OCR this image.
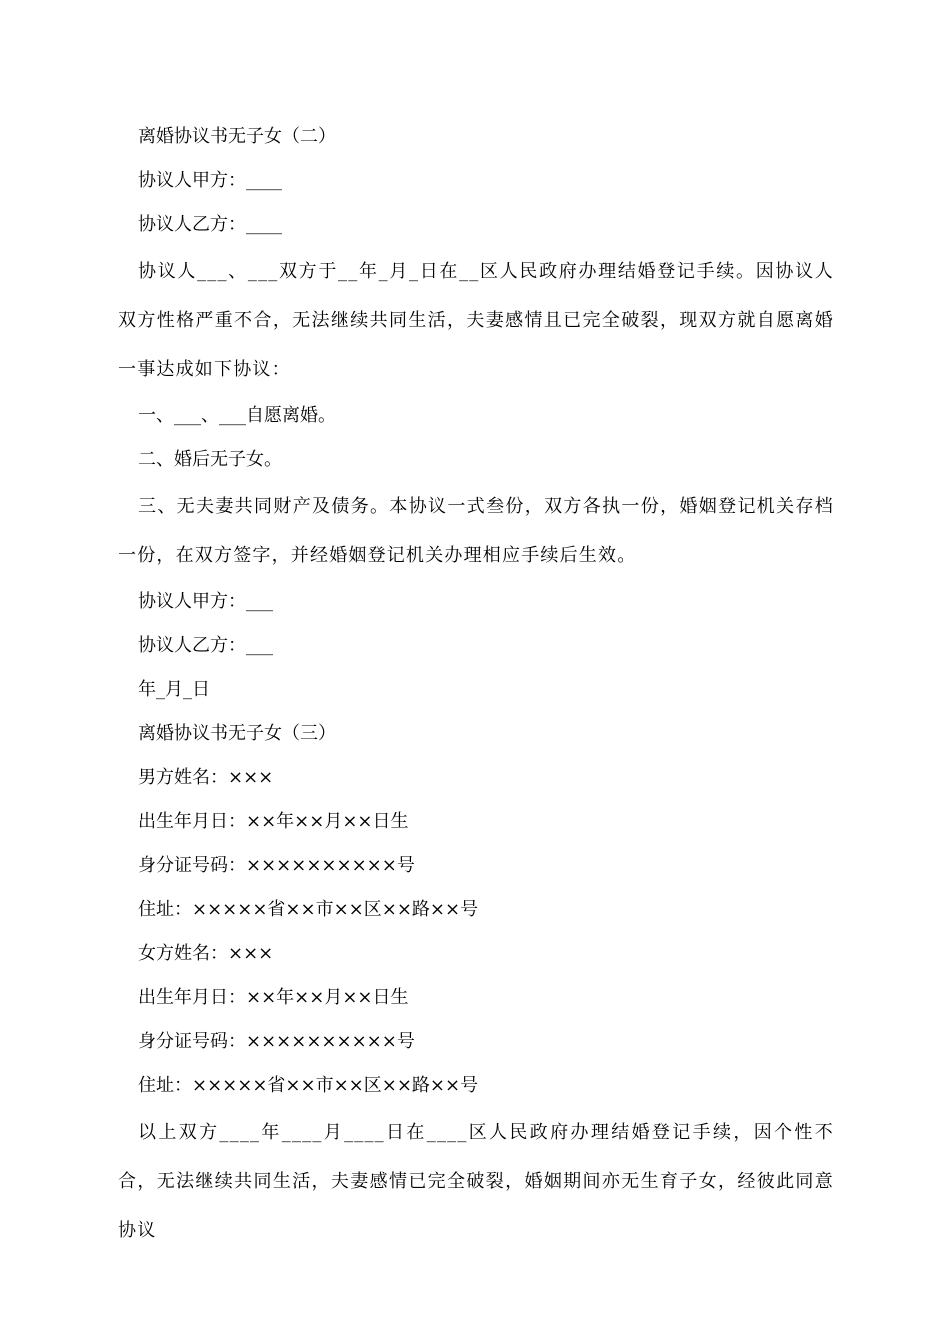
离婚协议书无子女（二）
协议人甲方：____
协议人乙方：____
协议人___、___双方于__年_月_日在__区人民政府办理结婚登记手续。因协议人双方性格严重不合，无法继续共同生活，夫妻感情且已完全破裂，现双方就自愿离婚一事达成如下协议：
一、___、___自愿离婚。
二、婚后无子女。
三、无夫妻共同财产及债务。本协议一式叁份，双方各执一份，婚姻登记机关存档一份，在双方签字，并经婚姻登记机关办理相应手续后生效。
协议人甲方：___
协议人乙方：___
年_月_日
离婚协议书无子女（三）
男方姓名：×××
出生年月日：××年××月××日生
身分证号码：××××××××××号
住址：×××××省××市××区××路××号
女方姓名：×××
出生年月日：××年××月××日生
身分证号码：××××××××××号
住址：×××××省××市××区××路××号
以上双方____年____月____日在____区人民政府办理结婚登记手续，因个性不合，无法继续共同生活，夫妻感情已完全破裂，婚姻期间亦无生育子女，经彼此同意协议
